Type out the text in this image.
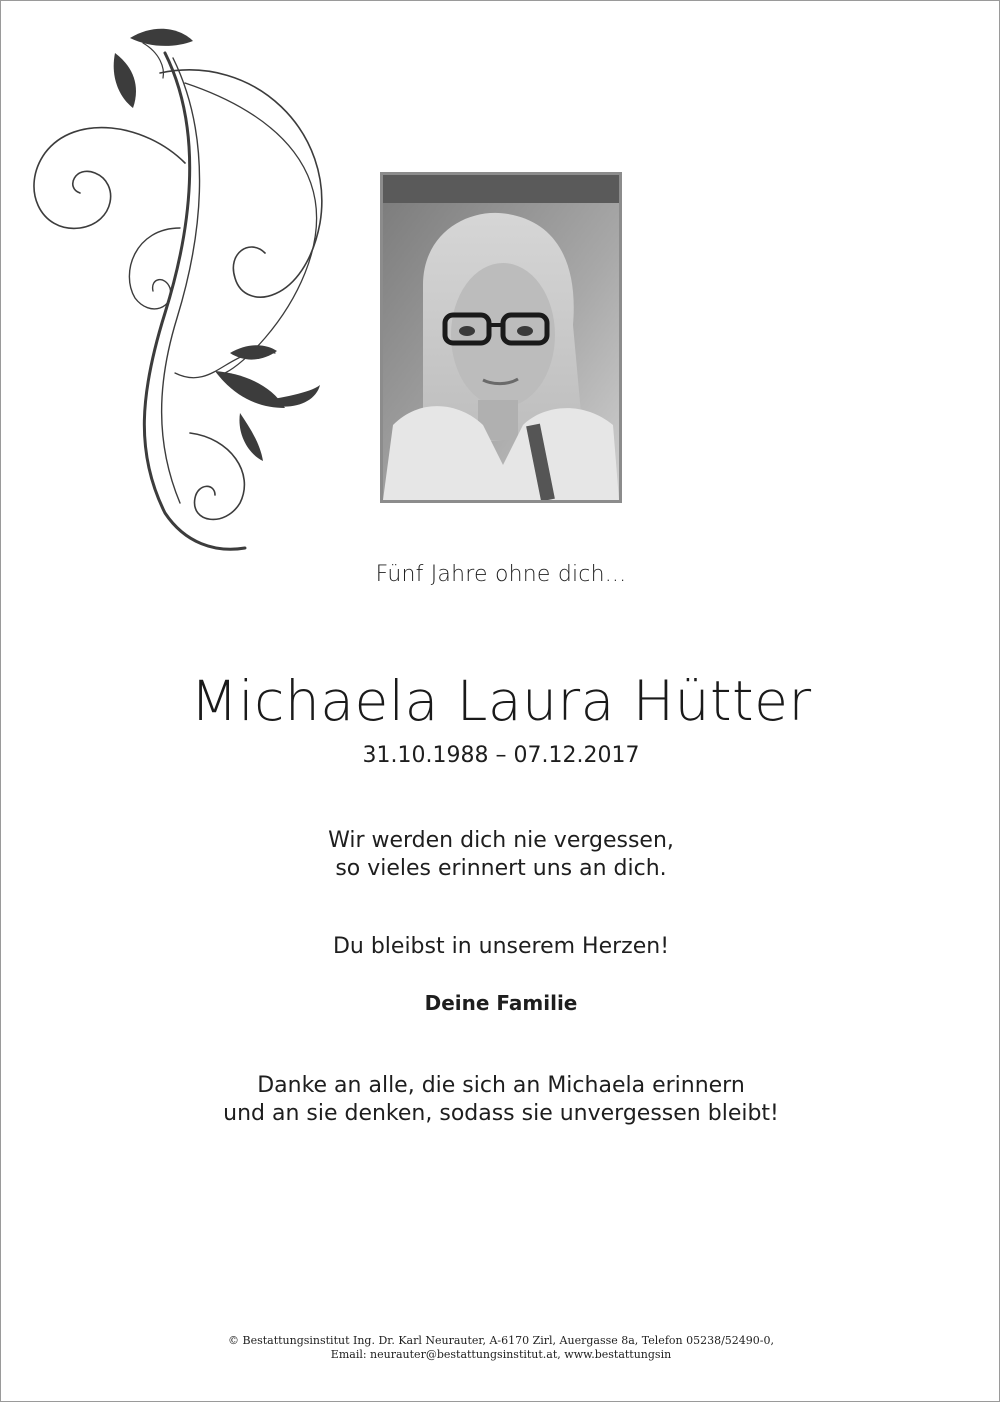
Fünf Jahre ohne dich...
Michaela Laura Hütter
31.10.1988 – 07.12.2017
Wir werden dich nie vergessen,
so vieles erinnert uns an dich.
Du bleibst in unserem Herzen!
Deine Familie
Danke an alle, die sich an Michaela erinnern
und an sie denken, sodass sie unvergessen bleibt!
© Bestattungsinstitut Ing. Dr. Karl Neurauter, A-6170 Zirl, Auergasse 8a, Telefon 05238/52490-0,
Email: neurauter@bestattungsinstitut.at, www.bestattungsin
